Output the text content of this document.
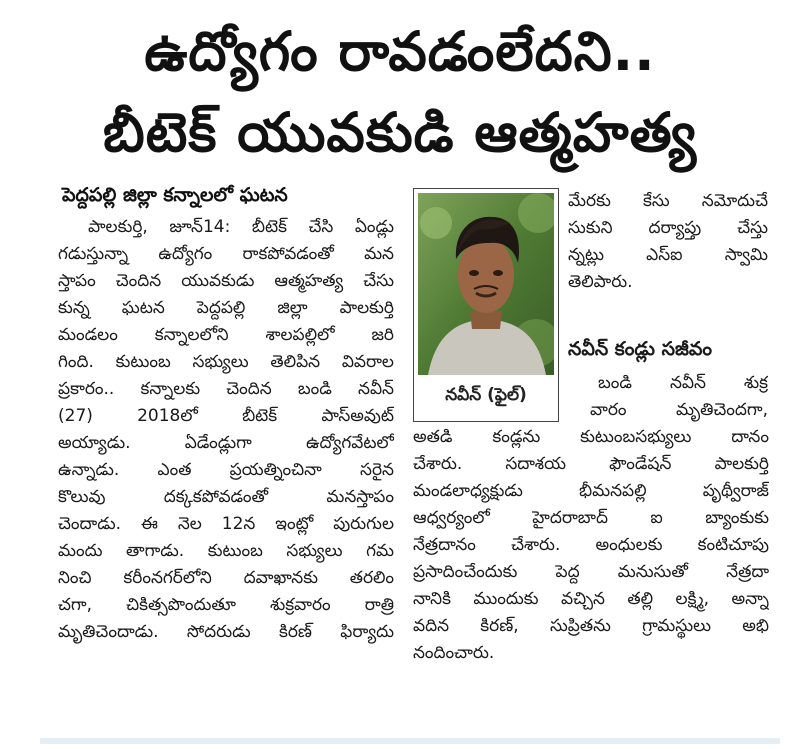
ఉద్యోగం రావడంలేదని..
బీటెక్ యువకుడి ఆత్మహత్య
పెద్దపల్లి జిల్లా కన్నాలలో ఘటన
పాలకుర్తి, జూన్14: బీటెక్ చేసి ఏండ్లు
గడుస్తున్నా ఉద్యోగం రాకపోవడంతో మన
స్తాపం చెందిన యువకుడు ఆత్మహత్య చేసు
కున్న ఘటన పెద్దపల్లి జిల్లా పాలకుర్తి
మండలం కన్నాలలోని శాలపల్లిలో జరి
గింది. కుటుంబ సభ్యులు తెలిపిన వివరాల
ప్రకారం.. కన్నాలకు చెందిన బండి నవీన్
(27) 2018లో బీటెక్ పాస్‌అవుట్
అయ్యాడు. ఏడేండ్లుగా ఉద్యోగవేటలో
ఉన్నాడు. ఎంత ప్రయత్నించినా సరైన
కొలువు దక్కకపోవడంతో మనస్తాపం
చెందాడు. ఈ నెల 12న ఇంట్లో పురుగుల
మందు తాగాడు. కుటుంబ సభ్యులు గమ
నించి కరీంనగర్‌లోని దవాఖానకు తరలిం
చగా, చికిత్సపొందుతూ శుక్రవారం రాత్రి
మృతిచెందాడు. సోదరుడు కిరణ్ ఫిర్యాదు
నవీన్ (ఫైల్)
మేరకు కేసు నమోదుచే
సుకుని దర్యాప్తు చేస్తు
న్నట్లు ఎస్ఐ స్వామి
తెలిపారు.
నవీన్ కండ్లు సజీవం
బండి నవీన్ శుక్ర
వారం మృతిచెందగా,
అతడి కండ్లను కుటుంబసభ్యులు దానం
చేశారు. సదాశయ ఫౌండేషన్ పాలకుర్తి
మండలాధ్యక్షుడు భీమనపల్లి పృథ్వీరాజ్
ఆధ్వర్యంలో హైదరాబాద్ ఐ బ్యాంకుకు
నేత్రదానం చేశారు. అంధులకు కంటిచూపు
ప్రసాదించేందుకు పెద్ద మనుసుతో నేత్రదా
నానికి ముందుకు వచ్చిన తల్లి లక్ష్మి, అన్నా
వదిన కిరణ్, సుప్రితను గ్రామస్థులు అభి
నందించారు.
